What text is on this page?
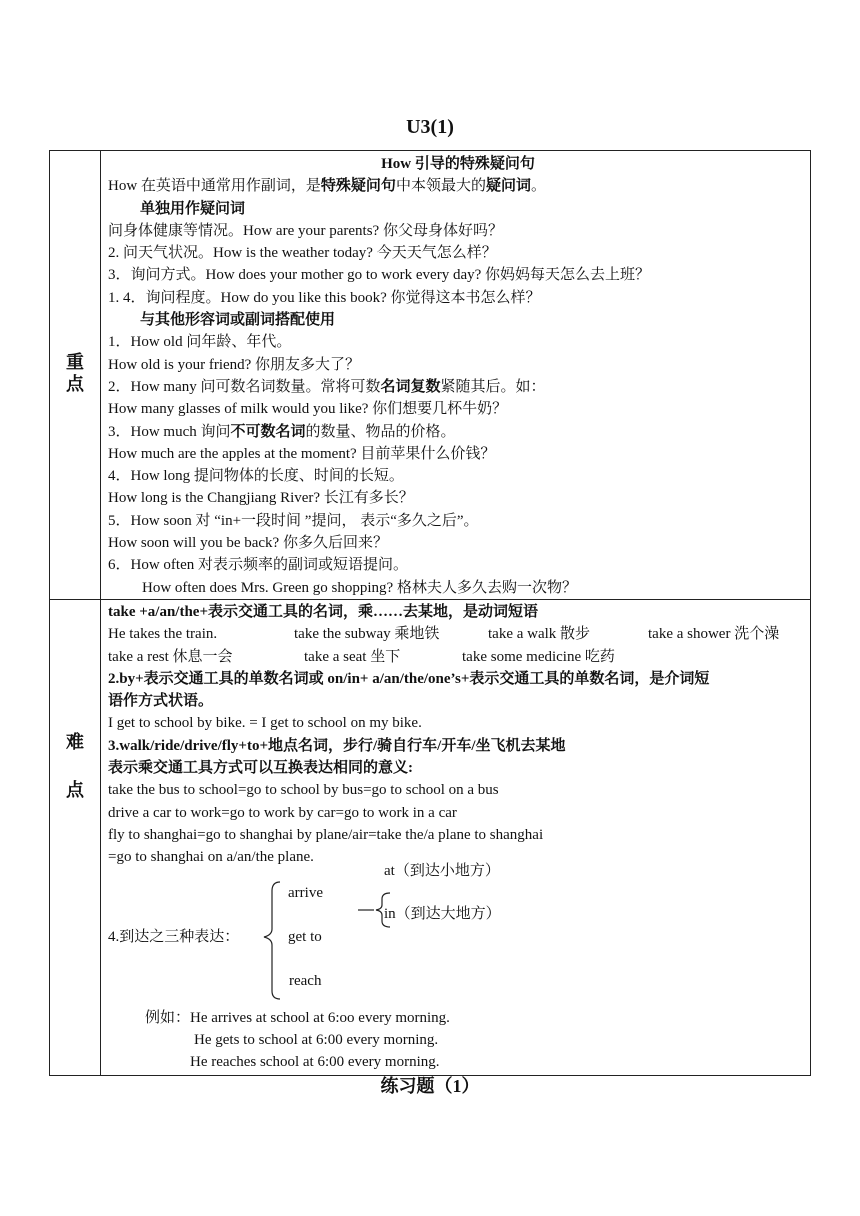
U3(1)
重
点
How 引导的特殊疑问句
How 在英语中通常用作副词，是特殊疑问句中本领最大的疑问词。
单独用作疑问词
问身体健康等情况。How are your parents? 你父母身体好吗？
2. 问天气状况。How is the weather today? 今天天气怎么样？
3．询问方式。How does your mother go to work every day? 你妈妈每天怎么去上班？
1. 4．询问程度。How do you like this book? 你觉得这本书怎么样？
与其他形容词或副词搭配使用
1．How old 问年龄、年代。
How old is your friend? 你朋友多大了？
2．How many 问可数名词数量。常将可数名词复数紧随其后。如：
How many glasses of milk would you like? 你们想要几杯牛奶？
3．How much 询问不可数名词的数量、物品的价格。
How much are the apples at the moment? 目前苹果什么价钱？
4．How long 提问物体的长度、时间的长短。
How long is the Changjiang River? 长江有多长？
5．How soon 对 “in+一段时间 ”提问， 表示“多久之后”。
How soon will you be back? 你多久后回来？
6．How often 对表示频率的副词或短语提问。
How often does Mrs. Green go shopping? 格林夫人多久去购一次物？
难
点
take +a/an/the+表示交通工具的名词，乘……去某地，是动词短语
He takes the train.	take the subway 乘地铁	take a walk 散步	take a shower 洗个澡
take a rest 休息一会	take a seat 坐下	take some medicine 吃药
2.by+表示交通工具的单数名词或 on/in+ a/an/the/one’s+表示交通工具的单数名词，是介词短
语作方式状语。
I get to school by bike. = I get to school on my bike.
3.walk/ride/drive/fly+to+地点名词，步行/骑自行车/开车/坐飞机去某地
表示乘交通工具方式可以互换表达相同的意义:
take the bus to school=go to school by bus=go to school on a bus
drive a car to work=go to work by car=go to work in a car
fly to shanghai=go to shanghai by plane/air=take the/a plane to shanghai
=go to shanghai on a/an/the plane.
4.到达之三种表达：
arrive
get to
reach
at（到达小地方）
in（到达大地方）
例如：He arrives at school at 6:oo every morning.
He gets to school at 6:00 every morning.
He reaches school at 6:00 every morning.
练习题（1）
